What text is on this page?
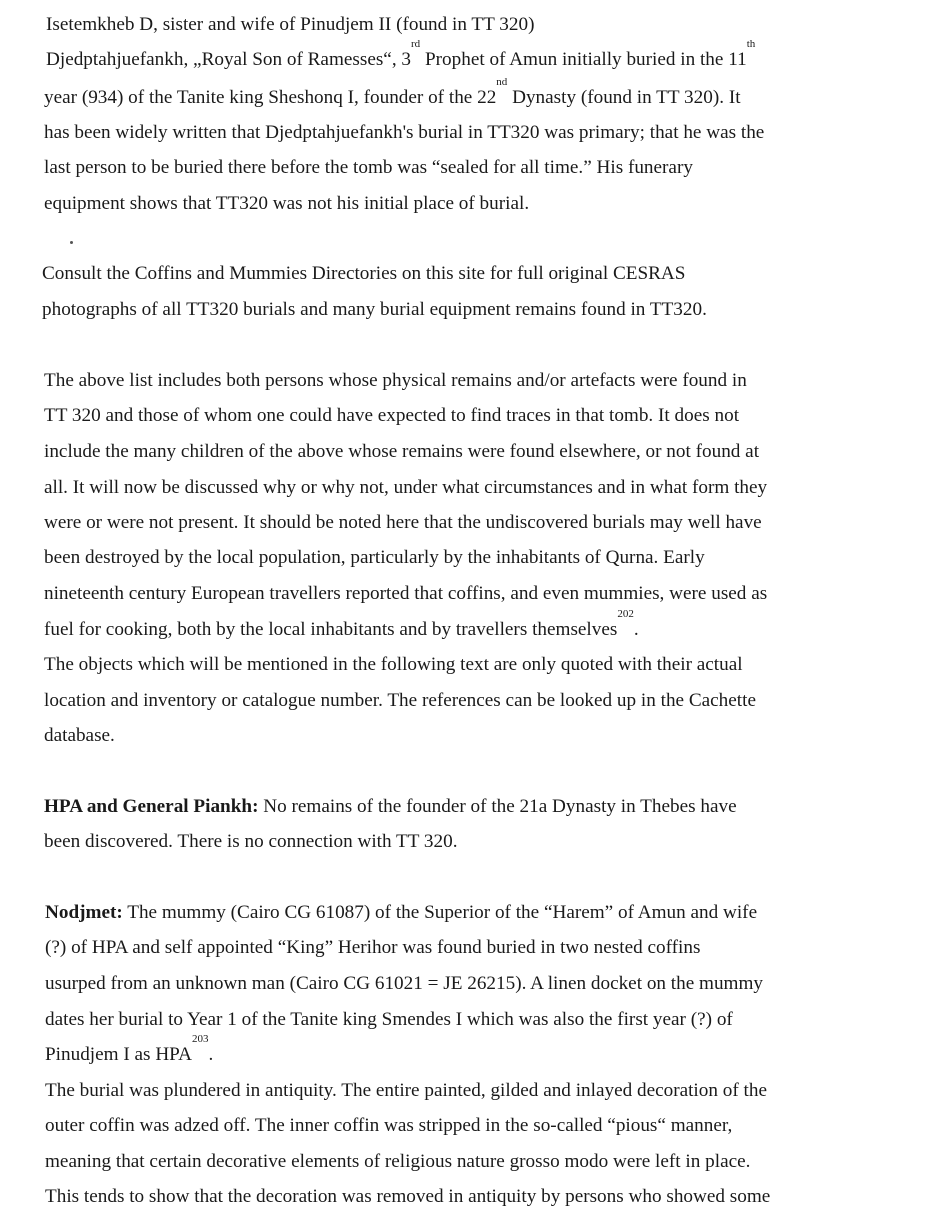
Isetemkheb D, sister and wife of Pinudjem II (found in TT 320)
Djedptahjuefankh, „Royal Son of Ramesses“, 3rd Prophet of Amun initially buried in the 11th
year (934) of the Tanite king Sheshonq I, founder of the 22nd Dynasty (found in TT 320). It
has been widely written that Djedptahjuefankh's burial in TT320 was primary; that he was the
last person to be buried there before the tomb was “sealed for all time.” His funerary
equipment shows that TT320 was not his initial place of burial.
Consult the Coffins and Mummies Directories on this site for full original CESRAS
photographs of all TT320 burials and many burial equipment remains found in TT320.
The above list includes both persons whose physical remains and/or artefacts were found in
TT 320 and those of whom one could have expected to find traces in that tomb. It does not
include the many children of the above whose remains were found elsewhere, or not found at
all. It will now be discussed why or why not, under what circumstances and in what form they
were or were not present. It should be noted here that the undiscovered burials may well have
been destroyed by the local population, particularly by the inhabitants of Qurna. Early
nineteenth century European travellers reported that coffins, and even mummies, were used as
fuel for cooking, both by the local inhabitants and by travellers themselves$^{202}$.
The objects which will be mentioned in the following text are only quoted with their actual
location and inventory or catalogue number. The references can be looked up in the Cachette
database.
HPA and General Piankh: No remains of the founder of the 21a Dynasty in Thebes have
been discovered. There is no connection with TT 320.
Nodjmet: The mummy (Cairo CG 61087) of the Superior of the “Harem” of Amun and wife
(?) of HPA and self appointed “King” Herihor was found buried in two nested coffins
usurped from an unknown man (Cairo CG 61021 = JE 26215). A linen docket on the mummy
dates her burial to Year 1 of the Tanite king Smendes I which was also the first year (?) of
Pinudjem I as HPA$^{203}$.
The burial was plundered in antiquity. The entire painted, gilded and inlayed decoration of the
outer coffin was adzed off. The inner coffin was stripped in the so-called “pious“ manner,
meaning that certain decorative elements of religious nature grosso modo were left in place.
This tends to show that the decoration was removed in antiquity by persons who showed some
